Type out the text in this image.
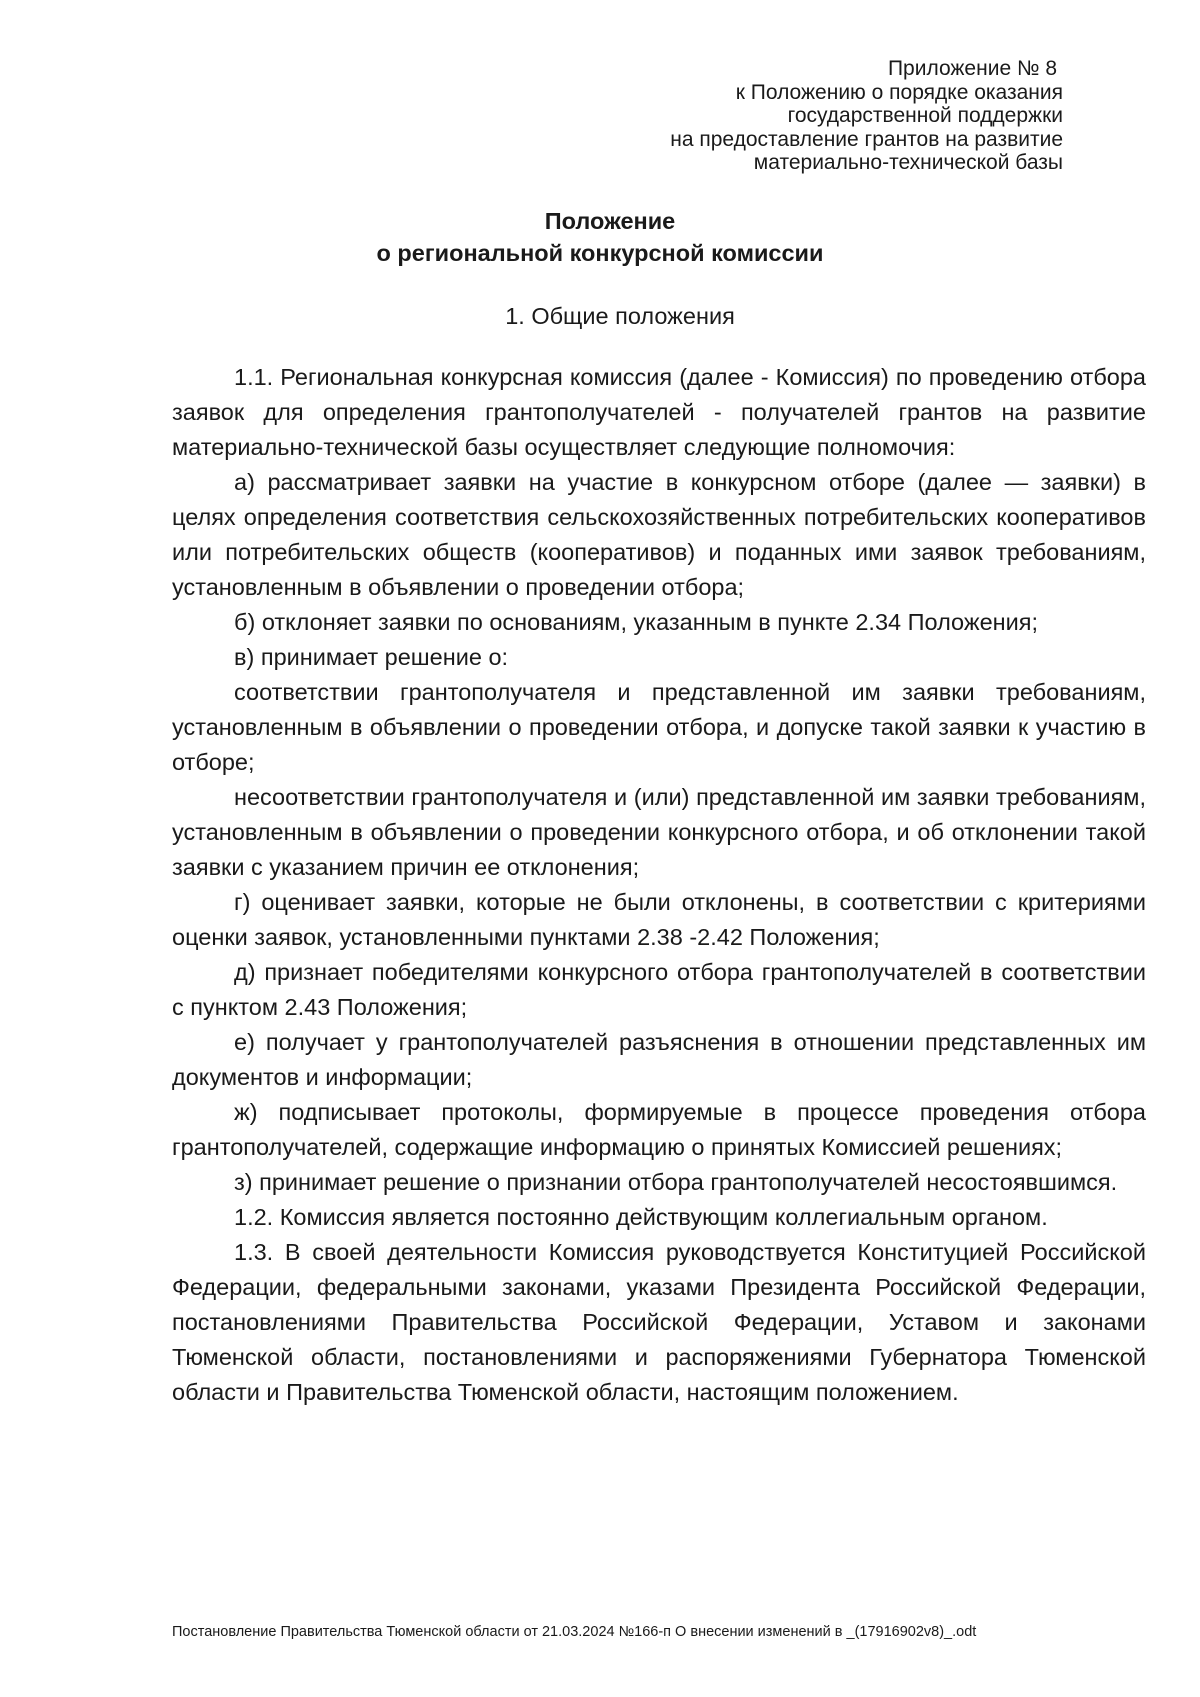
Приложение № 8
к Положению о порядке оказания
государственной поддержки
на предоставление грантов на развитие
материально-технической базы
Положение
о региональной конкурсной комиссии
1. Общие положения

1.1. Региональная конкурсная комиссия (далее - Комиссия) по проведению отбора заявок для определения грантополучателей - получателей грантов на развитие материально-технической базы осуществляет следующие полномочия:

а) рассматривает заявки на участие в конкурсном отборе (далее — заявки) в целях определения соответствия сельскохозяйственных потребительских кооперативов или потребительских обществ (кооперативов) и поданных ими заявок требованиям, установленным в объявлении о проведении отбора;

б) отклоняет заявки по основаниям, указанным в пункте 2.34 Положения;

в) принимает решение о:

соответствии грантополучателя и представленной им заявки требованиям, установленным в объявлении о проведении отбора, и допуске такой заявки к участию в отборе;

несоответствии грантополучателя и (или) представленной им заявки требованиям, установленным в объявлении о проведении конкурсного отбора, и об отклонении такой заявки с указанием причин ее отклонения;

г) оценивает заявки, которые не были отклонены, в соответствии с критериями оценки заявок, установленными пунктами 2.38 -2.42 Положения;

д) признает победителями конкурсного отбора грантополучателей в соответствии с пунктом 2.43 Положения;

е) получает у грантополучателей разъяснения в отношении представленных им документов и информации;

ж) подписывает протоколы, формируемые в процессе проведения отбора грантополучателей, содержащие информацию о принятых Комиссией решениях;

з) принимает решение о признании отбора грантополучателей несостоявшимся.

1.2. Комиссия является постоянно действующим коллегиальным органом.

1.3. В своей деятельности Комиссия руководствуется Конституцией Российской Федерации, федеральными законами, указами Президента Российской Федерации, постановлениями Правительства Российской Федерации, Уставом и законами Тюменской области, постановлениями и распоряжениями Губернатора Тюменской области и Правительства Тюменской области, настоящим положением.

Постановление Правительства Тюменской области от 21.03.2024 №166-п О внесении изменений в _(17916902v8)_.odt
